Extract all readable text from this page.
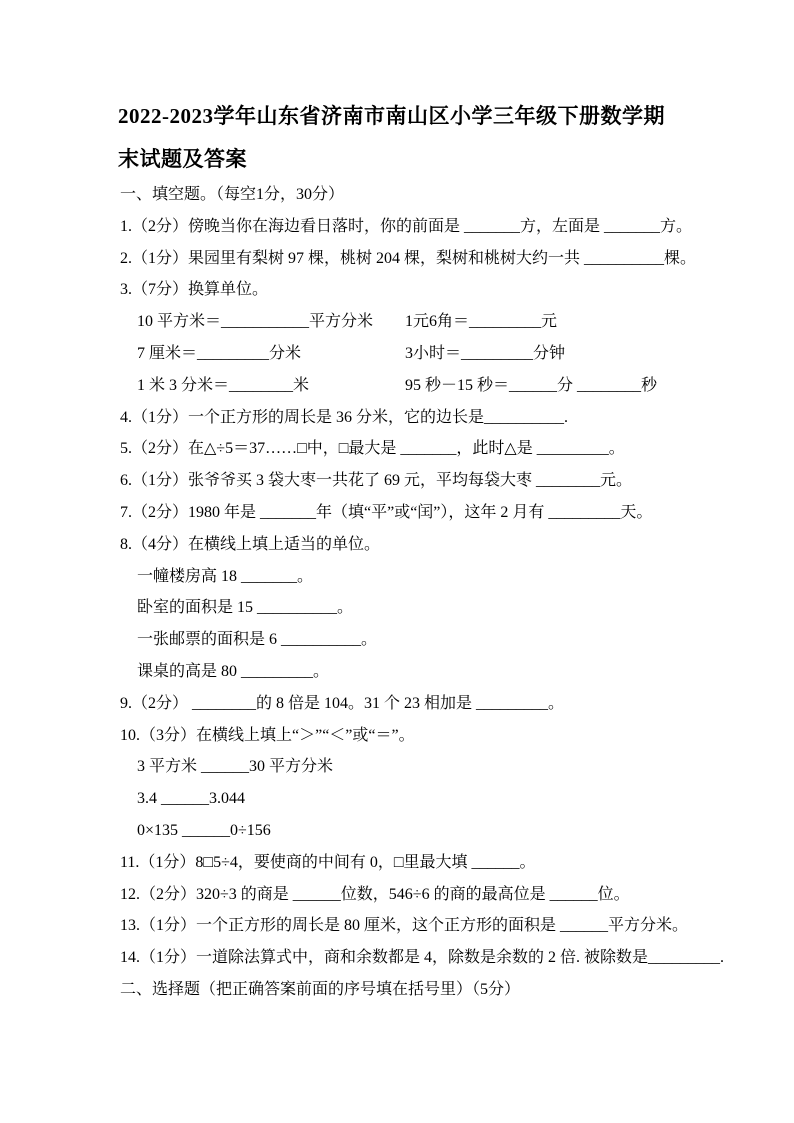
2022-2023学年山东省济南市南山区小学三年级下册数学期
末试题及答案
一、填空题。（每空1分，30分）
1.（2分）傍晚当你在海边看日落时，你的前面是 _______方，左面是 _______方。
2.（1分）果园里有梨树 97 棵，桃树 204 棵，梨树和桃树大约一共 __________棵。
3.（7分）换算单位。
10 平方米＝___________平方分米 1元6角＝_________元
7 厘米＝_________分米	3小时＝_________分钟
1 米 3 分米＝________米	95 秒－15 秒＝______分 ________秒
4.（1分）一个正方形的周长是 36 分米，它的边长是__________.
5.（2分）在△÷5＝37……□中，□最大是 _______，此时△是 _________。
6.（1分）张爷爷买 3 袋大枣一共花了 69 元，平均每袋大枣 ________元。
7.（2分）1980 年是 _______年（填“平”或“闰”），这年 2 月有 _________天。
8.（4分）在横线上填上适当的单位。
一幢楼房高 18 _______。
卧室的面积是 15 __________。
一张邮票的面积是 6 __________。
课桌的高是 80 _________。
9.（2分） ________的 8 倍是 104。31 个 23 相加是 _________。
10.（3分）在横线上填上“＞”“＜”或“＝”。
3 平方米 ______30 平方分米
3.4 ______3.044
0×135 ______0÷156
11.（1分）8□5÷4，要使商的中间有 0，□里最大填 ______。
12.（2分）320÷3 的商是 ______位数，546÷6 的商的最高位是 ______位。
13.（1分）一个正方形的周长是 80 厘米，这个正方形的面积是 ______平方分米。
14.（1分）一道除法算式中，商和余数都是 4，除数是余数的 2 倍. 被除数是_________.
二、选择题（把正确答案前面的序号填在括号里）（5分）
